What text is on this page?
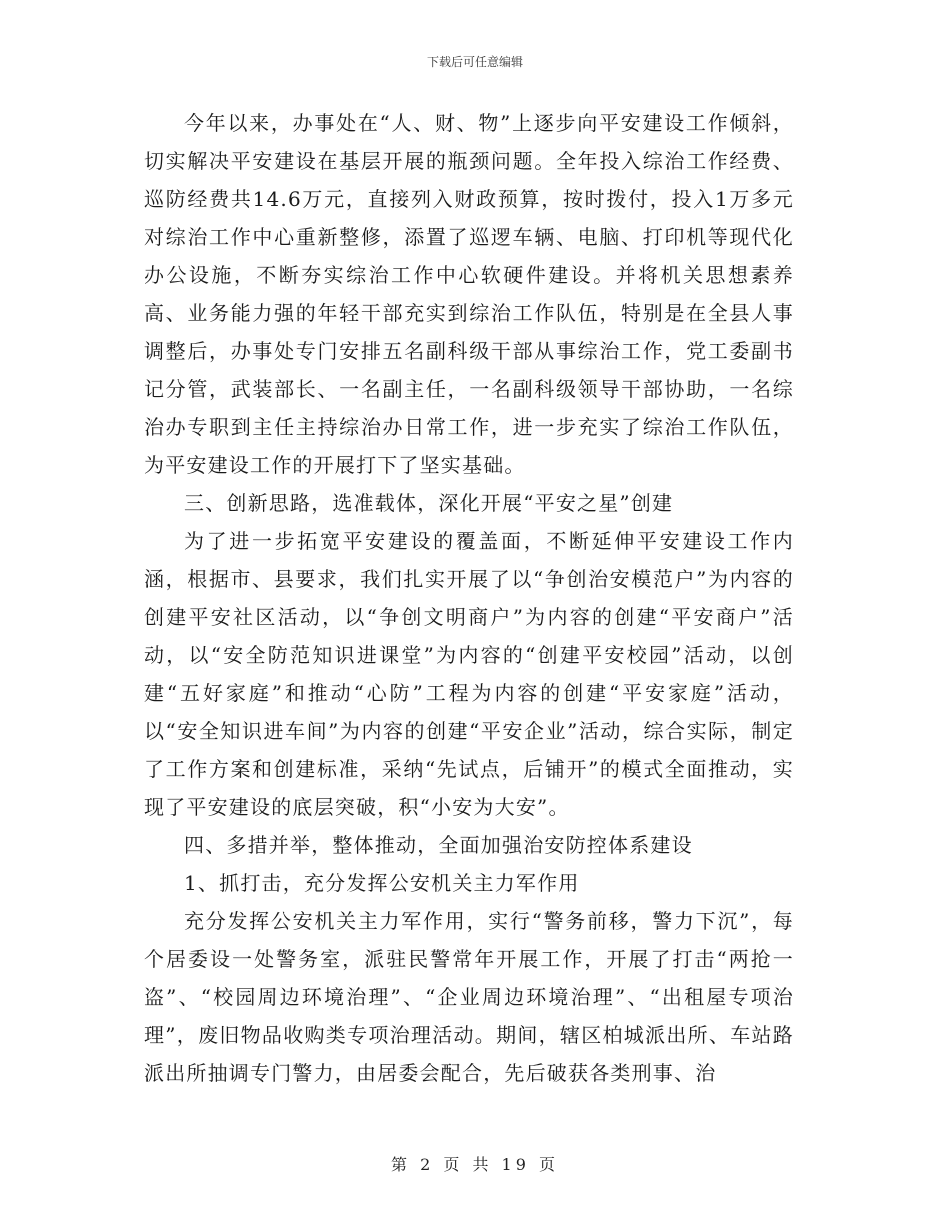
下载后可任意编辑

今年以来，办事处在“人、财、物”上逐步向平安建设工作倾斜，切实解决平安建设在基层开展的瓶颈问题。全年投入综治工作经费、巡防经费共14.6万元，直接列入财政预算，按时拨付，投入1万多元对综治工作中心重新整修，添置了巡逻车辆、电脑、打印机等现代化办公设施，不断夯实综治工作中心软硬件建设。并将机关思想素养高、业务能力强的年轻干部充实到综治工作队伍，特别是在全县人事调整后，办事处专门安排五名副科级干部从事综治工作，党工委副书记分管，武装部长、一名副主任，一名副科级领导干部协助，一名综治办专职到主任主持综治办日常工作，进一步充实了综治工作队伍，为平安建设工作的开展打下了坚实基础。

三、创新思路，选准载体，深化开展“平安之星”创建

为了进一步拓宽平安建设的覆盖面，不断延伸平安建设工作内涵，根据市、县要求，我们扎实开展了以“争创治安模范户”为内容的创建平安社区活动，以“争创文明商户”为内容的创建“平安商户”活动，以“安全防范知识进课堂”为内容的“创建平安校园”活动，以创建“五好家庭”和推动“心防”工程为内容的创建“平安家庭”活动，以“安全知识进车间”为内容的创建“平安企业”活动，综合实际，制定了工作方案和创建标准，采纳“先试点，后铺开”的模式全面推动，实现了平安建设的底层突破，积“小安为大安”。

四、多措并举，整体推动，全面加强治安防控体系建设

1、抓打击，充分发挥公安机关主力军作用

充分发挥公安机关主力军作用，实行“警务前移，警力下沉”，每个居委设一处警务室，派驻民警常年开展工作，开展了打击“两抢一盗”、“校园周边环境治理”、“企业周边环境治理”、“出租屋专项治理”，废旧物品收购类专项治理活动。期间，辖区柏城派出所、车站路派出所抽调专门警力，由居委会配合，先后破获各类刑事、治

第 2 页 共 19 页
